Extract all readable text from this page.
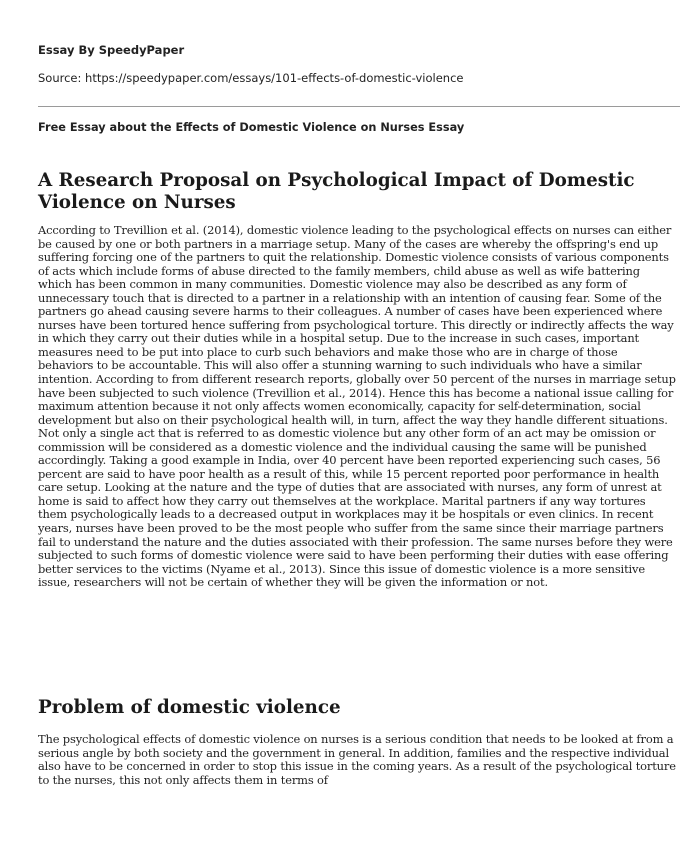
Essay By SpeedyPaper
Source: https://speedypaper.com/essays/101-effects-of-domestic-violence
Free Essay about the Effects of Domestic Violence on Nurses Essay
A Research Proposal on Psychological Impact of Domestic Violence on Nurses

According to Trevillion et al. (2014), domestic violence leading to the psychological effects on nurses can either be caused by one or both partners in a marriage setup. Many of the cases are whereby the offspring's end up suffering forcing one of the partners to quit the relationship. Domestic violence consists of various components of acts which include forms of abuse directed to the family members, child abuse as well as wife battering which has been common in many communities. Domestic violence may also be described as any form of unnecessary touch that is directed to a partner in a relationship with an intention of causing fear. Some of the partners go ahead causing severe harms to their colleagues. A number of cases have been experienced where nurses have been tortured hence suffering from psychological torture. This directly or indirectly affects the way in which they carry out their duties while in a hospital setup. Due to the increase in such cases, important measures need to be put into place to curb such behaviors and make those who are in charge of those behaviors to be accountable. This will also offer a stunning warning to such individuals who have a similar intention. According to from different research reports, globally over 50 percent of the nurses in marriage setup have been subjected to such violence (Trevillion et al., 2014). Hence this has become a national issue calling for maximum attention because it not only affects women economically, capacity for self-determination, social development but also on their psychological health will, in turn, affect the way they handle different situations. Not only a single act that is referred to as domestic violence but any other form of an act may be omission or commission will be considered as a domestic violence and the individual causing the same will be punished accordingly. Taking a good example in India, over 40 percent have been reported experiencing such cases, 56 percent are said to have poor health as a result of this, while 15 percent reported poor performance in health care setup. Looking at the nature and the type of duties that are associated with nurses, any form of unrest at home is said to affect how they carry out themselves at the workplace. Marital partners if any way tortures them psychologically leads to a decreased output in workplaces may it be hospitals or even clinics. In recent years, nurses have been proved to be the most people who suffer from the same since their marriage partners fail to understand the nature and the duties associated with their profession. The same nurses before they were subjected to such forms of domestic violence were said to have been performing their duties with ease offering better services to the victims (Nyame et al., 2013). Since this issue of domestic violence is a more sensitive issue, researchers will not be certain of whether they will be given the information or not.

Problem of domestic violence

The psychological effects of domestic violence on nurses is a serious condition that needs to be looked at from a serious angle by both society and the government in general. In addition, families and the respective individual also have to be concerned in order to stop this issue in the coming years. As a result of the psychological torture to the nurses, this not only affects them in terms of
